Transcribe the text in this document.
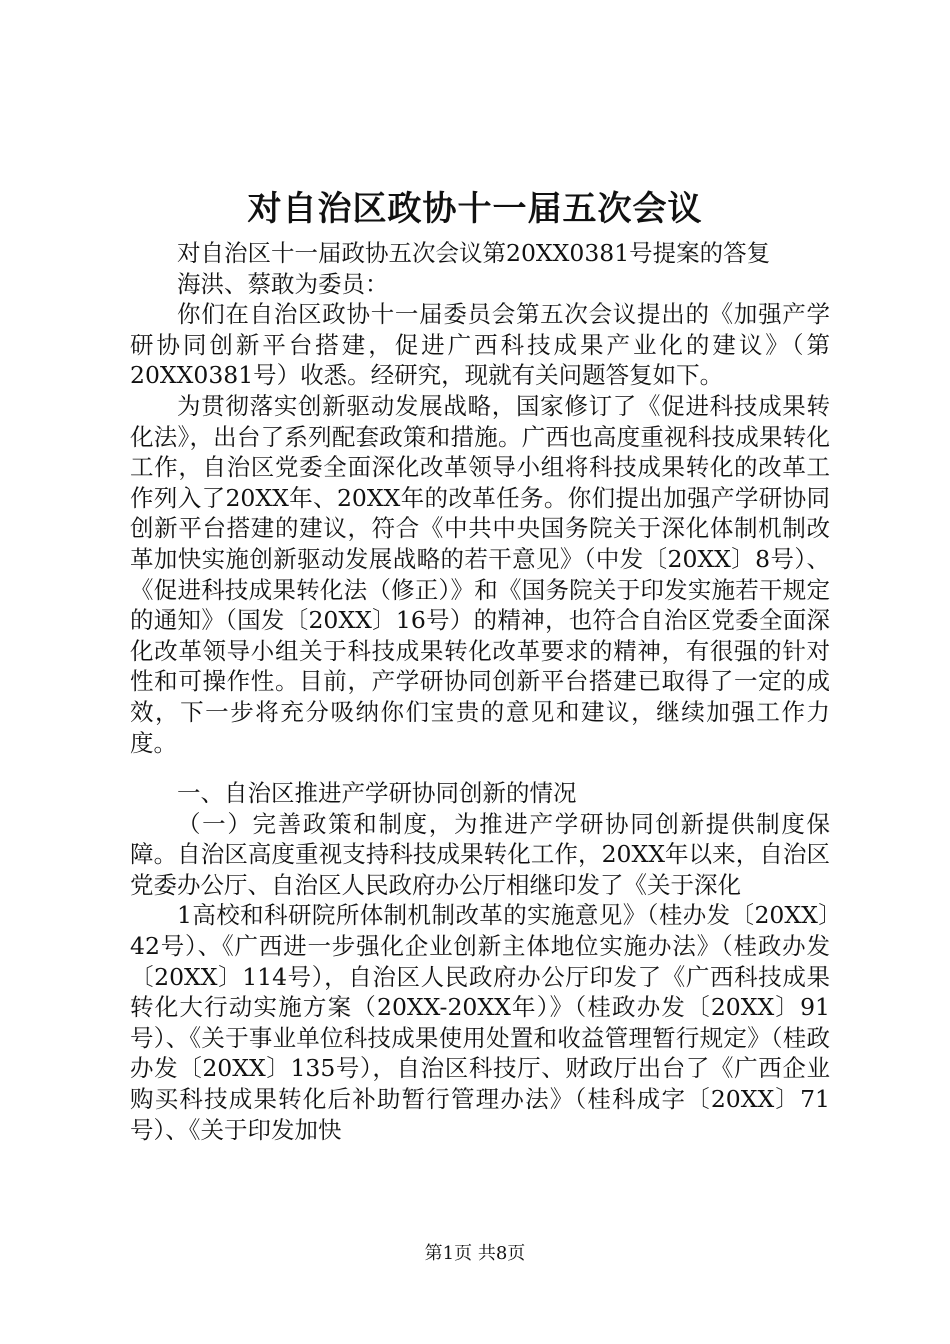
对自治区政协十一届五次会议

对自治区十一届政协五次会议第20XX0381号提案的答复

海洪、蔡敢为委员：

你们在自治区政协十一届委员会第五次会议提出的《加强产学研协同创新平台搭建，促进广西科技成果产业化的建议》（第20XX0381号）收悉。经研究，现就有关问题答复如下。

为贯彻落实创新驱动发展战略，国家修订了《促进科技成果转化法》，出台了系列配套政策和措施。广西也高度重视科技成果转化工作，自治区党委全面深化改革领导小组将科技成果转化的改革工作列入了20XX年、20XX年的改革任务。你们提出加强产学研协同创新平台搭建的建议，符合《中共中央国务院关于深化体制机制改革加快实施创新驱动发展战略的若干意见》（中发〔20XX〕8号）、《促进科技成果转化法（修正）》和《国务院关于印发实施若干规定的通知》（国发〔20XX〕16号）的精神，也符合自治区党委全面深化改革领导小组关于科技成果转化改革要求的精神，有很强的针对性和可操作性。目前，产学研协同创新平台搭建已取得了一定的成效，下一步将充分吸纳你们宝贵的意见和建议，继续加强工作力度。

一、自治区推进产学研协同创新的情况

（一）完善政策和制度，为推进产学研协同创新提供制度保障。自治区高度重视支持科技成果转化工作，20XX年以来，自治区党委办公厅、自治区人民政府办公厅相继印发了《关于深化

1高校和科研院所体制机制改革的实施意见》（桂办发〔20XX〕42号）、《广西进一步强化企业创新主体地位实施办法》（桂政办发〔20XX〕114号），自治区人民政府办公厅印发了《广西科技成果转化大行动实施方案（20XX-20XX年）》（桂政办发〔20XX〕91号）、《关于事业单位科技成果使用处置和收益管理暂行规定》（桂政办发〔20XX〕135号），自治区科技厅、财政厅出台了《广西企业购买科技成果转化后补助暂行管理办法》（桂科成字〔20XX〕71号）、《关于印发加快

第1页 共8页
